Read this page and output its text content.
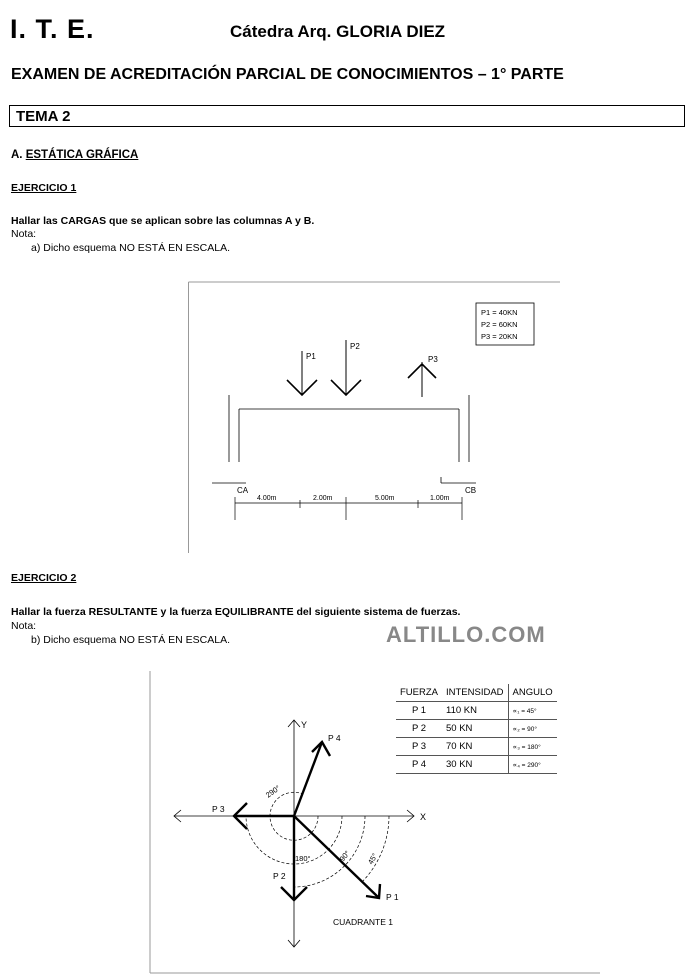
I. T. E.	Cátedra Arq. GLORIA DIEZ
EXAMEN DE ACREDITACIÓN PARCIAL DE CONOCIMIENTOS – 1° PARTE
TEMA 2
A. ESTÁTICA GRÁFICA
EJERCICIO 1
Hallar las CARGAS que se aplican sobre las columnas A y B.
Nota:
a) Dicho esquema NO ESTÁ EN ESCALA.
P1 = 40KN
P2 = 60KN
P3 = 20KN
P1
P2
P3
CA	CB
4.00m	2.00m	5.00m	1.00m
X
Y
45°
90°
180°
290°
P 1
P 2
P 3
P 4
CUADRANTE 1
EJERCICIO 2
Hallar la fuerza RESULTANTE y la fuerza EQUILIBRANTE del siguiente sistema de fuerzas.
Nota:
b) Dicho esquema NO ESTÁ EN ESCALA.	ALTILLO.COM
FUERZA	INTENSIDAD	ANGULO
P 1	110 KN	∝₁ = 45°
P 2	50 KN	∝₂ = 90°
P 3	70 KN	∝₃ = 180°
P 4	30 KN	∝₄ = 290°
